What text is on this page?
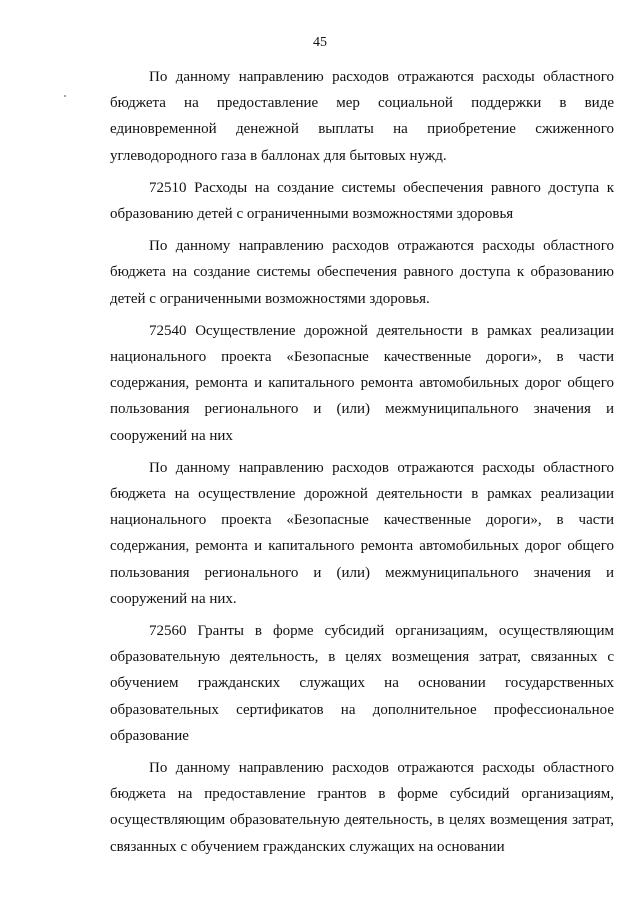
45

По данному направлению расходов отражаются расходы областного бюджета на предоставление мер социальной поддержки в виде единовременной денежной выплаты на приобретение сжиженного углеводородного газа в баллонах для бытовых нужд.

72510 Расходы на создание системы обеспечения равного доступа к образованию детей с ограниченными возможностями здоровья

По данному направлению расходов отражаются расходы областного бюджета на создание системы обеспечения равного доступа к образованию детей с ограниченными возможностями здоровья.

72540 Осуществление дорожной деятельности в рамках реализации национального проекта «Безопасные качественные дороги», в части содержания, ремонта и капитального ремонта автомобильных дорог общего пользования регионального и (или) межмуниципального значения и сооружений на них

По данному направлению расходов отражаются расходы областного бюджета на осуществление дорожной деятельности в рамках реализации национального проекта «Безопасные качественные дороги», в части содержания, ремонта и капитального ремонта автомобильных дорог общего пользования регионального и (или) межмуниципального значения и сооружений на них.

72560 Гранты в форме субсидий организациям, осуществляющим образовательную деятельность, в целях возмещения затрат, связанных с обучением гражданских служащих на основании государственных образовательных сертификатов на дополнительное профессиональное образование

По данному направлению расходов отражаются расходы областного бюджета на предоставление грантов в форме субсидий организациям, осуществляющим образовательную деятельность, в целях возмещения затрат, связанных с обучением гражданских служащих на основании
